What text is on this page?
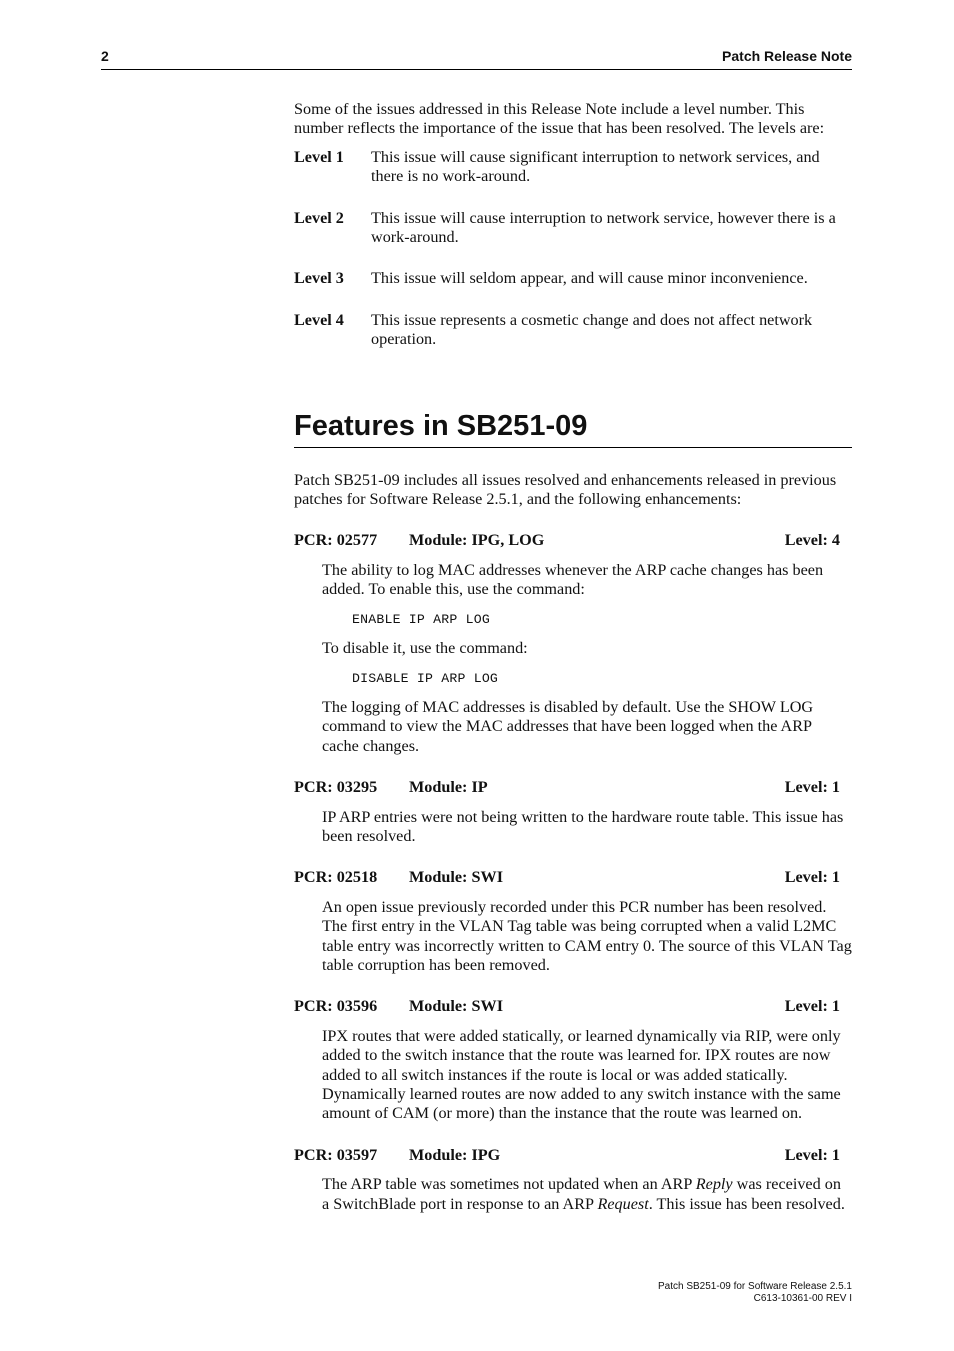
2	Patch Release Note

Some of the issues addressed in this Release Note include a level number. This number reflects the importance of the issue that has been resolved. The levels are:

Level 1	This issue will cause significant interruption to network services, and there is no work-around.
Level 2	This issue will cause interruption to network service, however there is a work-around.
Level 3	This issue will seldom appear, and will cause minor inconvenience.
Level 4	This issue represents a cosmetic change and does not affect network operation.
Features in SB251-09

Patch SB251-09 includes all issues resolved and enhancements released in previous patches for Software Release 2.5.1, and the following enhancements:

PCR: 02577	Module: IPG, LOG	Level: 4

The ability to log MAC addresses whenever the ARP cache changes has been added. To enable this, use the command:

ENABLE IP ARP LOG

To disable it, use the command:

DISABLE IP ARP LOG

The logging of MAC addresses is disabled by default. Use the SHOW LOG command to view the MAC addresses that have been logged when the ARP cache changes.

PCR: 03295	Module: IP	Level: 1

IP ARP entries were not being written to the hardware route table. This issue has been resolved.

PCR: 02518	Module: SWI	Level: 1

An open issue previously recorded under this PCR number has been resolved. The first entry in the VLAN Tag table was being corrupted when a valid L2MC table entry was incorrectly written to CAM entry 0. The source of this VLAN Tag table corruption has been removed.

PCR: 03596	Module: SWI	Level: 1

IPX routes that were added statically, or learned dynamically via RIP, were only added to the switch instance that the route was learned for. IPX routes are now added to all switch instances if the route is local or was added statically. Dynamically learned routes are now added to any switch instance with the same amount of CAM (or more) than the instance that the route was learned on.

PCR: 03597	Module: IPG	Level: 1

The ARP table was sometimes not updated when an ARP Reply was received on a SwitchBlade port in response to an ARP Request. This issue has been resolved.

Patch SB251-09 for Software Release 2.5.1
C613-10361-00 REV I
